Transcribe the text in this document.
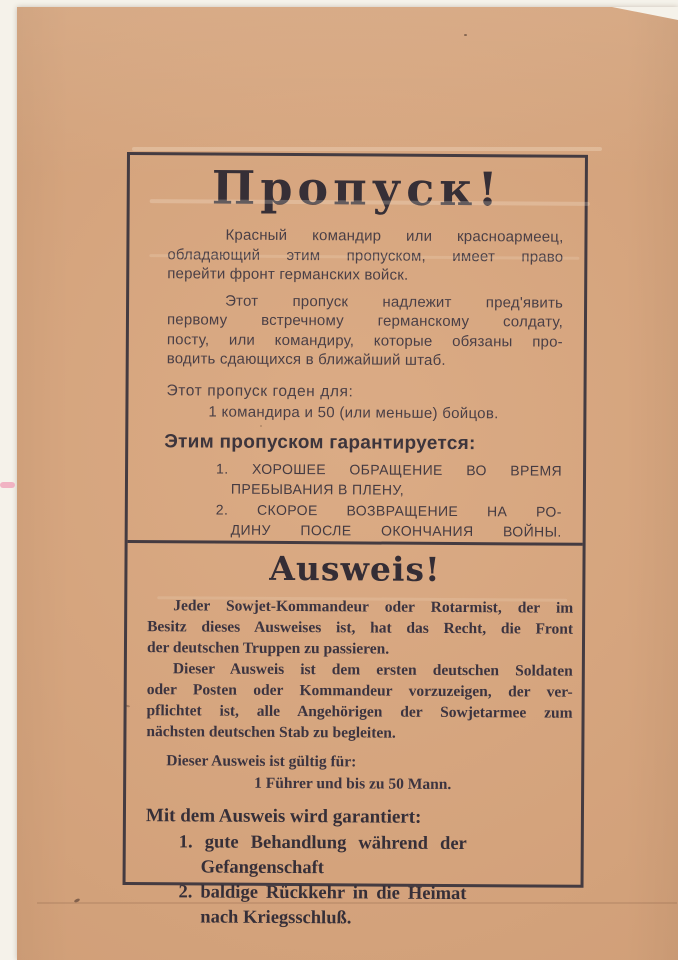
Пропуск!
Красный командир или красноармеец,
обладающий этим пропуском, имеет право
перейти фронт германских войск.
Этот пропуск надлежит пред'явить
первому встречному германскому солдату,
посту, или командиру, которые обязаны про-
водить сдающихся в ближайший штаб.
Этот пропуск годен для:
1 командира и 50 (или меньше) бойцов.
Этим пропуском гарантируется:
1. ХОРОШЕЕ ОБРАЩЕНИЕ ВО ВРЕМЯ
ПРЕБЫВАНИЯ В ПЛЕНУ,
2. СКОРОЕ ВОЗВРАЩЕНИЕ НА РО-
ДИНУ ПОСЛЕ ОКОНЧАНИЯ ВОЙНЫ.
Ausweis!
Jeder Sowjet-Kommandeur oder Rotarmist, der im
Besitz dieses Ausweises ist, hat das Recht, die Front
der deutschen Truppen zu passieren.
Dieser Ausweis ist dem ersten deutschen Soldaten
oder Posten oder Kommandeur vorzuzeigen, der ver-
pflichtet ist, alle Angehörigen der Sowjetarmee zum
nächsten deutschen Stab zu begleiten.
Dieser Ausweis ist gültig für:
1 Führer und bis zu 50 Mann.
Mit dem Ausweis wird garantiert:
1. gute Behandlung während der
Gefangenschaft
2. baldige Rückkehr in die Heimat
nach Kriegsschluß.
